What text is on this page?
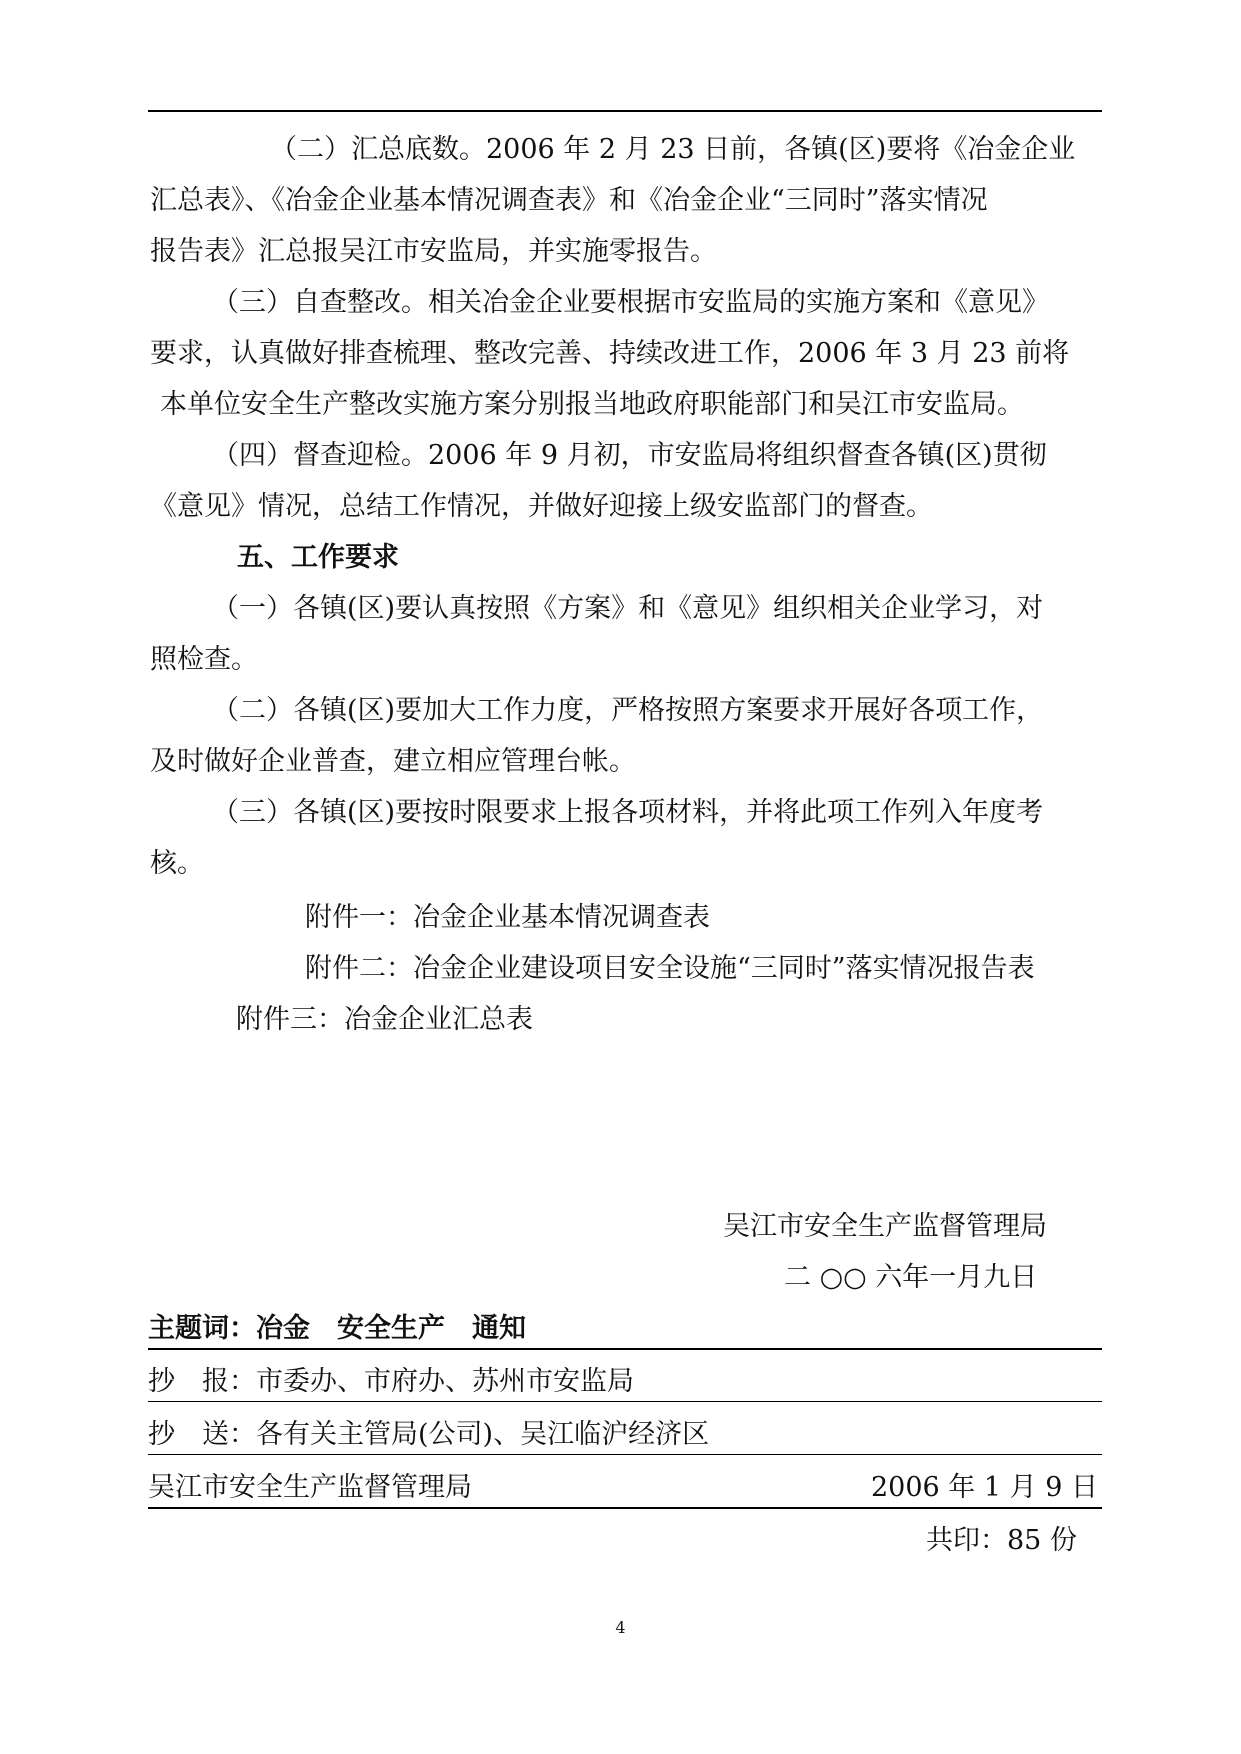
（二）汇总底数。2006 年 2 月 23 日前，各镇(区)要将《冶金企业
汇总表》、《冶金企业基本情况调查表》和《冶金企业“三同时”落实情况
报告表》汇总报吴江市安监局，并实施零报告。
（三）自查整改。相关冶金企业要根据市安监局的实施方案和《意见》
要求，认真做好排查梳理、整改完善、持续改进工作，2006 年 3 月 23 前将
本单位安全生产整改实施方案分别报当地政府职能部门和吴江市安监局。
（四）督查迎检。2006 年 9 月初，市安监局将组织督查各镇(区)贯彻
《意见》情况，总结工作情况，并做好迎接上级安监部门的督查。
五、工作要求
（一）各镇(区)要认真按照《方案》和《意见》组织相关企业学习，对
照检查。
（二）各镇(区)要加大工作力度，严格按照方案要求开展好各项工作，
及时做好企业普查，建立相应管理台帐。
（三）各镇(区)要按时限要求上报各项材料，并将此项工作列入年度考
核。
附件一：冶金企业基本情况调查表
附件二：冶金企业建设项目安全设施“三同时”落实情况报告表
附件三：冶金企业汇总表
吴江市安全生产监督管理局
二 ○○ 六年一月九日
主题词：冶金　安全生产　通知
抄　报：市委办、市府办、苏州市安监局
抄　送：各有关主管局(公司)、吴江临沪经济区
吴江市安全生产监督管理局	2006 年 1 月 9 日
共印：85 份
4
